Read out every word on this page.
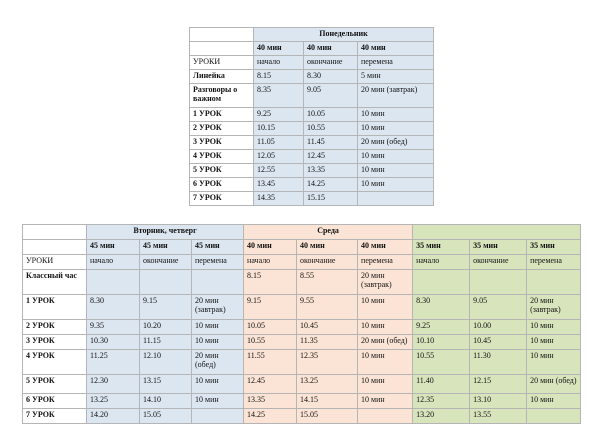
	Понедельник		
	40 мин	40 мин	40 мин
УРОКИ	начало	окончание	перемена
Линейка	8.15	8.30	5 мин
Разговоры о важном	8.35	9.05	20 мин (завтрак)
1 УРОК	9.25	10.05	10 мин
2 УРОК	10.15	10.55	10 мин
3 УРОК	11.05	11.45	20 мин (обед)
4 УРОК	12.05	12.45	10 мин
5 УРОК	12.55	13.35	10 мин
6 УРОК	13.45	14.25	10 мин
7 УРОК	14.35	15.15	
	Вторник, четверг			Среда					
	45 мин	45 мин	45 мин	40 мин	40 мин	40 мин	35 мин	35 мин	35 мин
УРОКИ	начало	окончание	перемена	начало	окончание	перемена	начало	окончание	перемена
Классный час				8.15	8.55	20 мин (завтрак)			
1 УРОК	8.30	9.15	20 мин (завтрак)	9.15	9.55	10 мин	8.30	9.05	20 мин (завтрак)
2 УРОК	9.35	10.20	10 мин	10.05	10.45	10 мин	9.25	10.00	10 мин
3 УРОК	10.30	11.15	10 мин	10.55	11.35	20 мин (обед)	10.10	10.45	10 мин
4 УРОК	11.25	12.10	20 мин (обед)	11.55	12.35	10 мин	10.55	11.30	10 мин
5 УРОК	12.30	13.15	10 мин	12.45	13.25	10 мин	11.40	12.15	20 мин (обед)
6 УРОК	13.25	14.10	10 мин	13.35	14.15	10 мин	12.35	13.10	10 мин
7 УРОК	14.20	15.05		14.25	15.05		13.20	13.55	
